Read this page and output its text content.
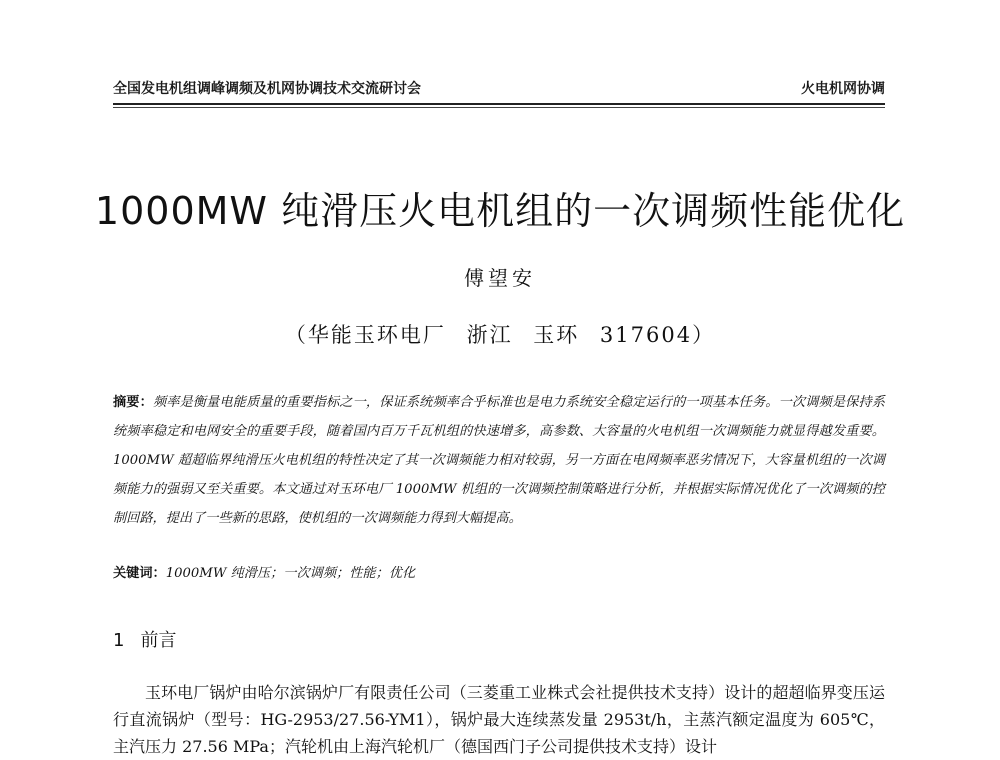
全国发电机组调峰调频及机网协调技术交流研讨会	火电机网协调
1000MW 纯滑压火电机组的一次调频性能优化
傅望安
（华能玉环电厂 浙江 玉环 317604）
摘要：频率是衡量电能质量的重要指标之一，保证系统频率合乎标准也是电力系统安全稳定运行的一项基本任务。一次调频是保持系统频率稳定和电网安全的重要手段，随着国内百万千瓦机组的快速增多，高参数、大容量的火电机组一次调频能力就显得越发重要。1000MW 超超临界纯滑压火电机组的特性决定了其一次调频能力相对较弱，另一方面在电网频率恶劣情况下，大容量机组的一次调频能力的强弱又至关重要。本文通过对玉环电厂 1000MW 机组的一次调频控制策略进行分析，并根据实际情况优化了一次调频的控制回路，提出了一些新的思路，使机组的一次调频能力得到大幅提高。
关键词：1000MW 纯滑压；一次调频；性能；优化
1 前言
玉环电厂锅炉由哈尔滨锅炉厂有限责任公司（三菱重工业株式会社提供技术支持）设计的超超临界变压运行直流锅炉（型号：HG-2953/27.56-YM1），锅炉最大连续蒸发量 2953t/h，主蒸汽额定温度为 605℃，主汽压力 27.56 MPa；汽轮机由上海汽轮机厂（德国西门子公司提供技术支持）设计
